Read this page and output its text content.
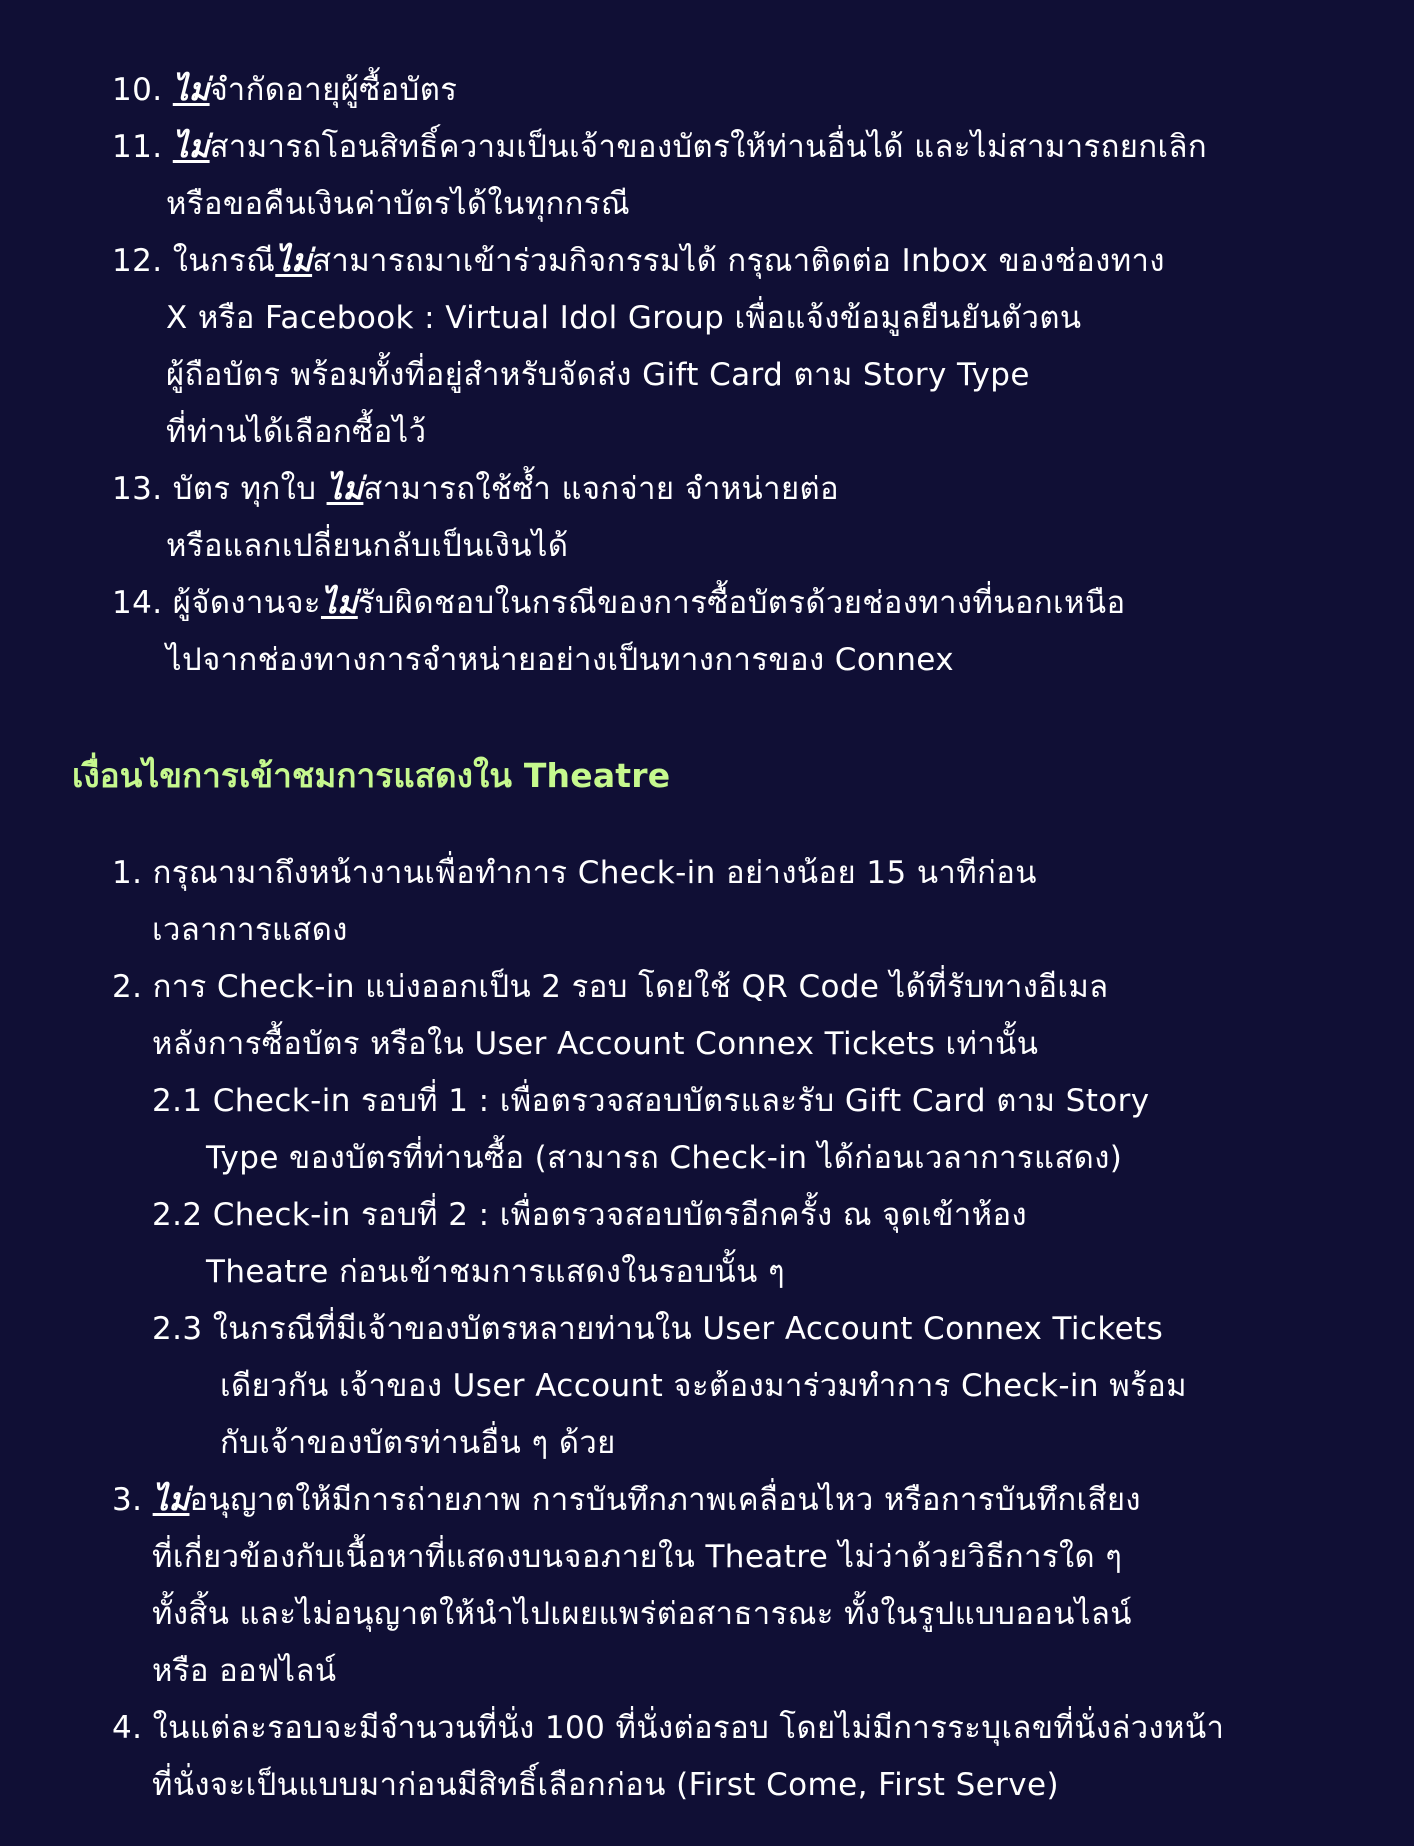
10. ไม่จำกัดอายุผู้ซื้อบัตร
11. ไม่สามารถโอนสิทธิ์ความเป็นเจ้าของบัตรให้ท่านอื่นได้ และไม่สามารถยกเลิก
หรือขอคืนเงินค่าบัตรได้ในทุกกรณี
12. ในกรณีไม่สามารถมาเข้าร่วมกิจกรรมได้ กรุณาติดต่อ Inbox ของช่องทาง
X หรือ Facebook : Virtual Idol Group เพื่อแจ้งข้อมูลยืนยันตัวตน
ผู้ถือบัตร พร้อมทั้งที่อยู่สำหรับจัดส่ง Gift Card ตาม Story Type
ที่ท่านได้เลือกซื้อไว้
13. บัตร ทุกใบ ไม่สามารถใช้ซ้ำ แจกจ่าย จำหน่ายต่อ
หรือแลกเปลี่ยนกลับเป็นเงินได้
14. ผู้จัดงานจะไม่รับผิดชอบในกรณีของการซื้อบัตรด้วยช่องทางที่นอกเหนือ
ไปจากช่องทางการจำหน่ายอย่างเป็นทางการของ Connex
เงื่อนไขการเข้าชมการแสดงใน Theatre
1. กรุณามาถึงหน้างานเพื่อทำการ Check-in อย่างน้อย 15 นาทีก่อน
เวลาการแสดง
2. การ Check-in แบ่งออกเป็น 2 รอบ โดยใช้ QR Code ได้ที่รับทางอีเมล
หลังการซื้อบัตร หรือใน User Account Connex Tickets เท่านั้น
2.1 Check-in รอบที่ 1 : เพื่อตรวจสอบบัตรและรับ Gift Card ตาม Story
Type ของบัตรที่ท่านซื้อ (สามารถ Check-in ได้ก่อนเวลาการแสดง)
2.2 Check-in รอบที่ 2 : เพื่อตรวจสอบบัตรอีกครั้ง ณ จุดเข้าห้อง
Theatre ก่อนเข้าชมการแสดงในรอบนั้น ๆ
2.3 ในกรณีที่มีเจ้าของบัตรหลายท่านใน User Account Connex Tickets
เดียวกัน เจ้าของ User Account จะต้องมาร่วมทำการ Check-in พร้อม
กับเจ้าของบัตรท่านอื่น ๆ ด้วย
3. ไม่อนุญาตให้มีการถ่ายภาพ การบันทึกภาพเคลื่อนไหว หรือการบันทึกเสียง
ที่เกี่ยวข้องกับเนื้อหาที่แสดงบนจอภายใน Theatre ไม่ว่าด้วยวิธีการใด ๆ
ทั้งสิ้น และไม่อนุญาตให้นำไปเผยแพร่ต่อสาธารณะ ทั้งในรูปแบบออนไลน์
หรือ ออฟไลน์
4. ในแต่ละรอบจะมีจำนวนที่นั่ง 100 ที่นั่งต่อรอบ โดยไม่มีการระบุเลขที่นั่งล่วงหน้า
ที่นั่งจะเป็นแบบมาก่อนมีสิทธิ์เลือกก่อน (First Come, First Serve)
